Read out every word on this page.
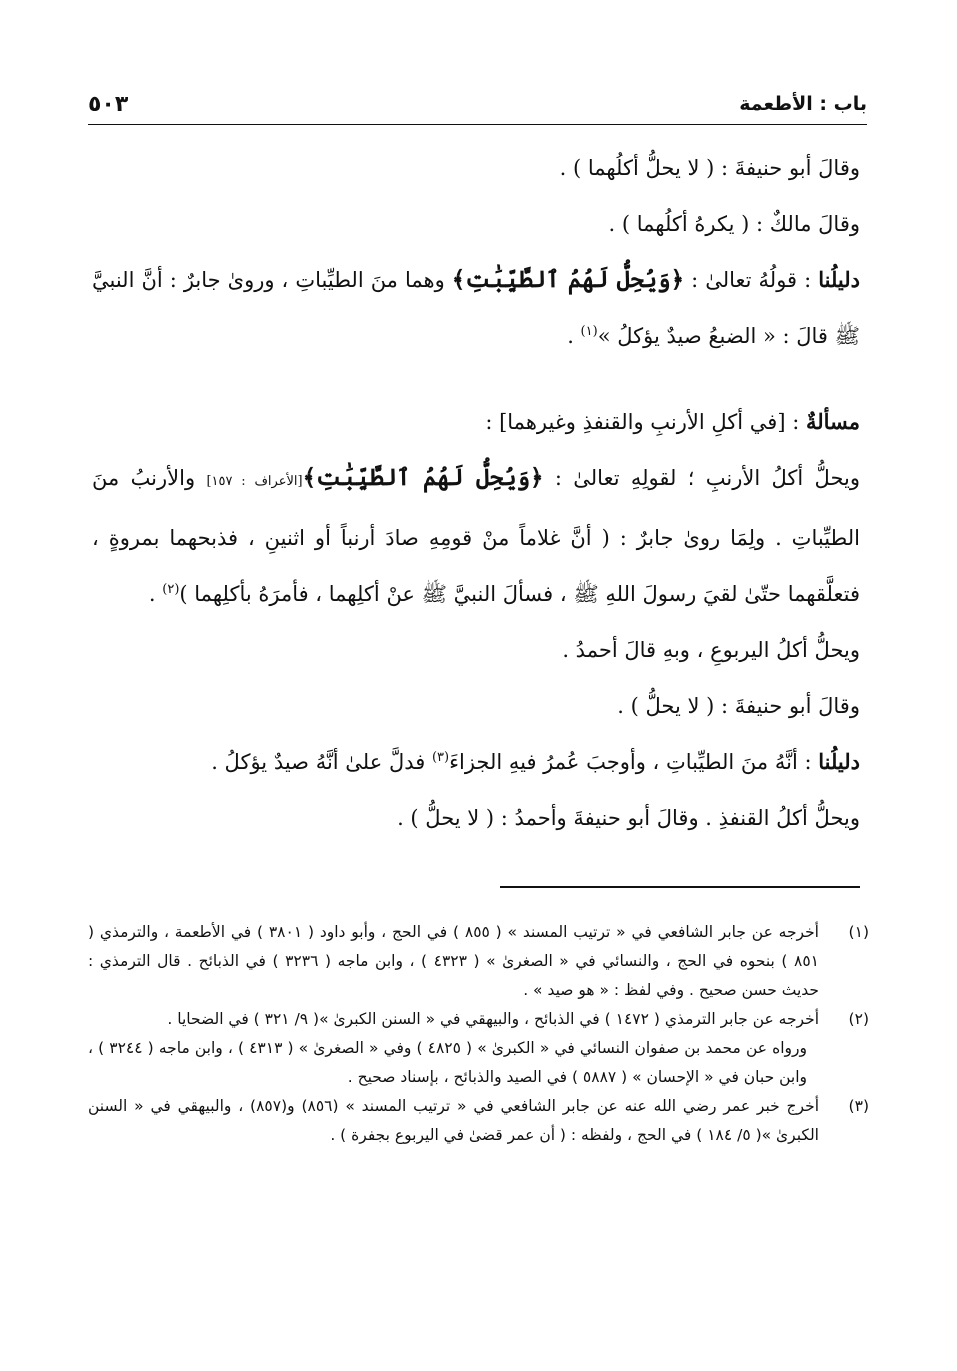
باب : الأطعمة
٥٠٣

وقالَ أبو حنيفةَ : ( لا يحلُّ أكلُهما ) .

وقالَ مالكٌ : ( يكرهُ أكلُهما ) .

دليلُنا : قولُهُ تعالىٰ : ﴿وَيُحِلُّ لَهُمُ ٱلطَّيِّبَٰتِ﴾ وهما منَ الطيِّباتِ ، وروىٰ جابرٌ : أنَّ النبيَّ ﷺ قالَ : « الضبعُ صيدٌ يؤكلُ »$^{(١)}$ .

مسألةٌ : [في أكلِ الأرنبِ والقنفذِ وغيرهما] :

ويحلُّ أكلُ الأرنبِ ؛ لقولِهِ تعالىٰ : ﴿وَيُحِلُّ لَهُمُ ٱلطَّيِّبَٰتِ﴾[الأعراف : ١٥٧] والأرنبُ منَ الطيِّباتِ . ولِمَا روىٰ جابرٌ : ( أنَّ غلاماً منْ قومِهِ صادَ أرنباً أو اثنينِ ، فذبحهما بمروةٍ ، فتعلَّقهما حتّىٰ لقيَ رسولَ اللهِ ﷺ ، فسألَ النبيَّ ﷺ عنْ أكلِهما ، فأمرَهُ بأكلِهما )$^{(٢)}$ .

ويحلُّ أكلُ اليربوعِ ، وبهِ قالَ أحمدُ .

وقالَ أبو حنيفةَ : ( لا يحلُّ ) .

دليلُنا : أنَّهُ منَ الطيِّباتِ ، وأوجبَ عُمرُ فيهِ الجزاءَ$^{(٣)}$ فدلَّ علىٰ أنَّهُ صيدٌ يؤكلُ .

ويحلُّ أكلُ القنفذِ . وقالَ أبو حنيفةَ وأحمدُ : ( لا يحلُّ ) .

(١)
أخرجه عن جابر الشافعي في « ترتيب المسند » ( ٨٥٥ ) في الحج ، وأبو داود ( ٣٨٠١ ) في الأطعمة ، والترمذي ( ٨٥١ ) بنحوه في الحج ، والنسائي في « الصغرىٰ » ( ٤٣٢٣ ) ، وابن ماجه ( ٣٢٣٦ ) في الذبائح . قال الترمذي : حديث حسن صحيح . وفي لفظ : « هو صيد » .
(٢)
أخرجه عن جابر الترمذي ( ١٤٧٢ ) في الذبائح ، والبيهقي في « السنن الكبرىٰ »( ٩/ ٣٢١ ) في الضحايا .

ورواه عن محمد بن صفوان النسائي في « الكبرىٰ » ( ٤٨٢٥ ) وفي « الصغرىٰ » ( ٤٣١٣ ) ، وابن ماجه ( ٣٢٤٤ ) ، وابن حبان في « الإحسان » ( ٥٨٨٧ ) في الصيد والذبائح ، بإسناد صحيح .

(٣)
أخرج خبر عمر رضي الله عنه عن جابر الشافعي في « ترتيب المسند » (٨٥٦) و(٨٥٧) ، والبيهقي في « السنن الكبرىٰ »( ٥/ ١٨٤ ) في الحج ، ولفظه : ( أن عمر قضىٰ في اليربوع بجفرة ) .
